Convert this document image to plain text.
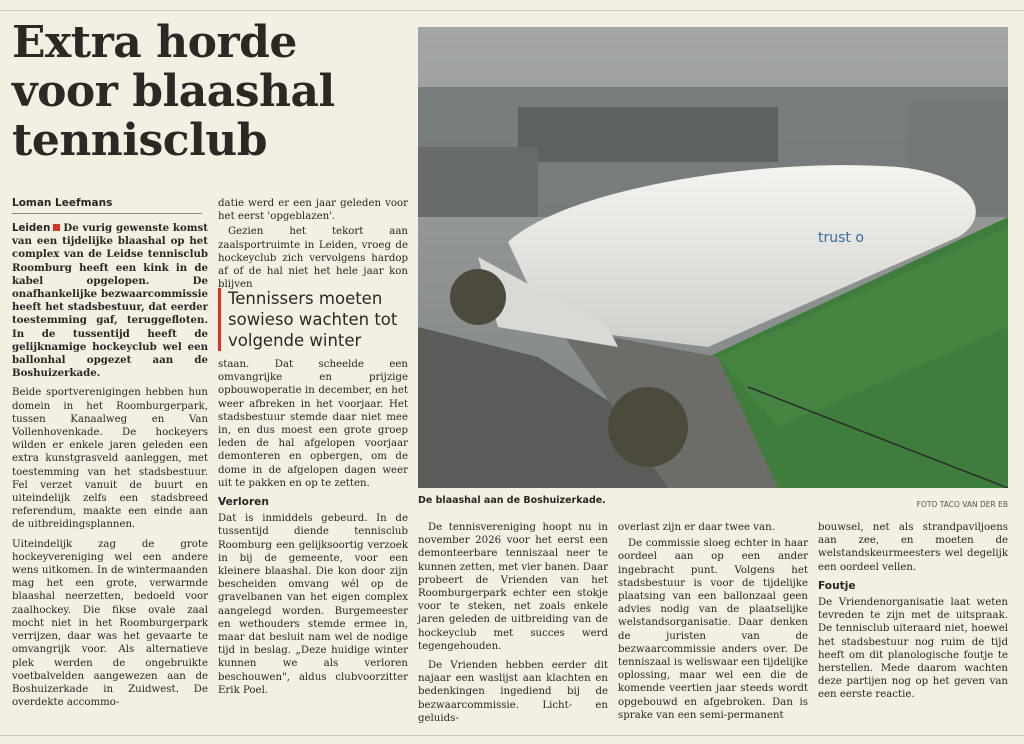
Extra horde voor blaashal tennisclub
Loman Leefmans

Leiden De vurig gewenste komst van een tijdelijke blaashal op het complex van de Leidse tennisclub Roomburg heeft een kink in de kabel opgelopen. De onafhankelijke bezwaarcommissie heeft het stadsbestuur, dat eerder toestemming gaf, teruggefloten. In de tussentijd heeft de gelijknamige hockeyclub wel een ballonhal opgezet aan de Boshuizerkade.

Beide sportverenigingen hebben hun domein in het Roomburgerpark, tussen Kanaalweg en Van Vollenhovenkade. De hockeyers wilden er enkele jaren geleden een extra kunstgrasveld aanleggen, met toestemming van het stadsbestuur. Fel verzet vanuit de buurt en uiteindelijk zelfs een stadsbreed referendum, maakte een einde aan de uitbreidingsplannen.

Uiteindelijk zag de grote hockeyvereniging wel een andere wens uitkomen. In de wintermaanden mag het een grote, verwarmde blaashal neerzetten, bedoeld voor zaalhockey. Die fikse ovale zaal mocht niet in het Roomburgerpark verrijzen, daar was het gevaarte te omvangrijk voor. Als alternatieve plek werden de ongebruikte voetbalvelden aangewezen aan de Boshuizerkade in Zuidwest. De overdekte accommo-

datie werd er een jaar geleden voor het eerst 'opgeblazen'.

Gezien het tekort aan zaalsportruimte in Leiden, vroeg de hockeyclub zich vervolgens hardop af of de hal niet het hele jaar kon blijven

Tennissers moeten sowieso wachten tot volgende winter

staan. Dat scheelde een omvangrijke en prijzige opbouwoperatie in december, en het weer afbreken in het voorjaar. Het stadsbestuur stemde daar niet mee in, en dus moest een grote groep leden de hal afgelopen voorjaar demonteren en opbergen, om de dome in de afgelopen dagen weer uit te pakken en op te zetten.

Verloren

Dat is inmiddels gebeurd. In de tussentijd diende tennisclub Roomburg een gelijksoortig verzoek in bij de gemeente, voor een kleinere blaashal. Die kon door zijn bescheiden omvang wél op de gravelbanen van het eigen complex aangelegd worden. Burgemeester en wethouders stemde ermee in, maar dat besluit nam wel de nodige tijd in beslag. „Deze huidige winter kunnen we als verloren beschouwen", aldus clubvoorzitter Erik Poel.

trust o
De blaashal aan de Boshuizerkade.	FOTO TACO VAN DER EB

De tennisvereniging hoopt nu in november 2026 voor het eerst een demonteerbare tenniszaal neer te kunnen zetten, met vier banen. Daar probeert de Vrienden van het Roomburgerpark echter een stokje voor te steken, net zoals enkele jaren geleden de uitbreiding van de hockeyclub met succes werd tegengehouden.

De Vrienden hebben eerder dit najaar een waslijst aan klachten en bedenkingen ingediend bij de bezwaarcommissie. Licht- en geluids-

overlast zijn er daar twee van.

De commissie sloeg echter in haar oordeel aan op een ander ingebracht punt. Volgens het stadsbestuur is voor de tijdelijke plaatsing van een ballonzaal geen advies nodig van de plaatselijke welstandsorganisatie. Daar denken de juristen van de bezwaarcommissie anders over. De tenniszaal is weliswaar een tijdelijke oplossing, maar wel een die de komende veertien jaar steeds wordt opgebouwd en afgebroken. Dan is sprake van een semi-permanent

bouwsel, net als strandpaviljoens aan zee, en moeten de welstandskeurmeesters wel degelijk een oordeel vellen.

Foutje

De Vriendenorganisatie laat weten tevreden te zijn met de uitspraak. De tennisclub uiteraard niet, hoewel het stadsbestuur nog ruim de tijd heeft om dit planologische foutje te herstellen. Mede daarom wachten deze partijen nog op het geven van een eerste reactie.
